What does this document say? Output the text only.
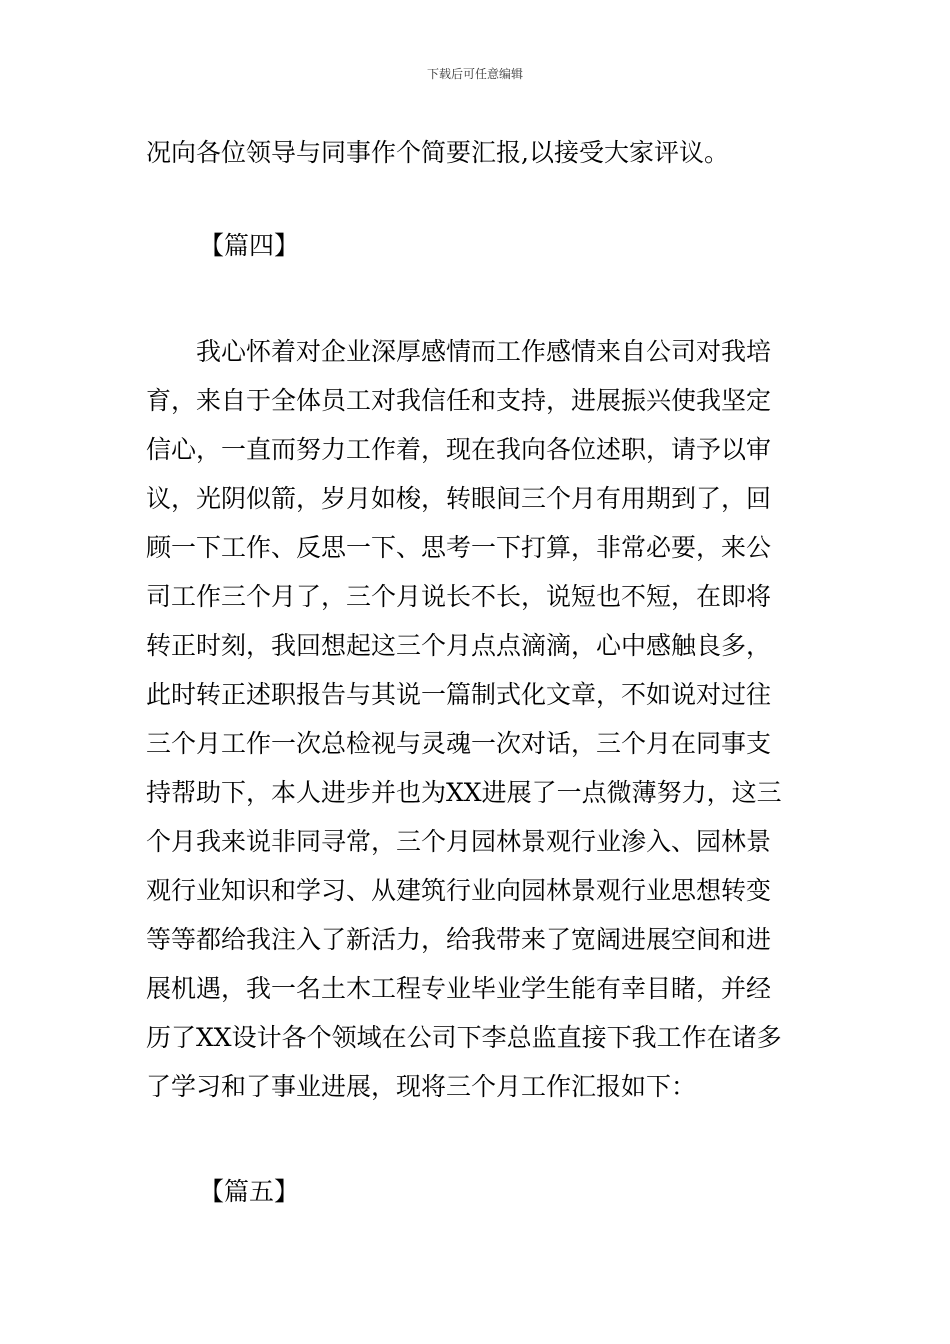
下载后可任意编辑
况向各位领导与同事作个简要汇报,以接受大家评议。
【篇四】
　　我心怀着对企业深厚感情而工作感情来自公司对我培
育，来自于全体员工对我信任和支持，进展振兴使我坚定
信心，一直而努力工作着，现在我向各位述职，请予以审
议，光阴似箭，岁月如梭，转眼间三个月有用期到了，回
顾一下工作、反思一下、思考一下打算，非常必要，来公
司工作三个月了，三个月说长不长，说短也不短，在即将
转正时刻，我回想起这三个月点点滴滴，心中感触良多，
此时转正述职报告与其说一篇制式化文章，不如说对过往
三个月工作一次总检视与灵魂一次对话，三个月在同事支
持帮助下，本人进步并也为XX进展了一点微薄努力，这三
个月我来说非同寻常，三个月园林景观行业渗入、园林景
观行业知识和学习、从建筑行业向园林景观行业思想转变
等等都给我注入了新活力，给我带来了宽阔进展空间和进
展机遇，我一名土木工程专业毕业学生能有幸目睹，并经
历了XX设计各个领域在公司下李总监直接下我工作在诸多
了学习和了事业进展，现将三个月工作汇报如下：
【篇五】
